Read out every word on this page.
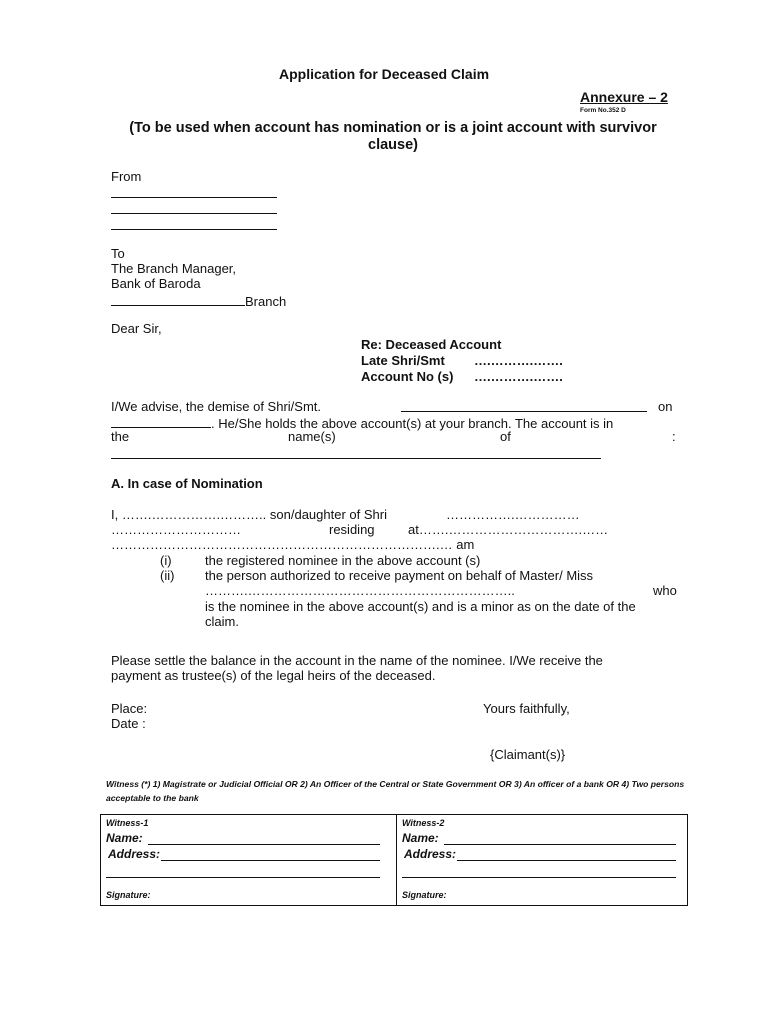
Application for Deceased Claim

Annexure – 2

Form No.352 D

(To be used when account has nomination or is a joint account with survivor clause)

From

To

The Branch Manager,

Bank of Baroda

Branch

Dear Sir,

Re: Deceased Account

Late Shri/Smt ….……….…….

Account No (s) ….……….…….

I/We advise, the demise of Shri/Smt.	on

. He/She holds the above account(s) at your branch. The account is in

the	name(s)	of	:

A. In case of Nomination

I, …….…………….……….. son/daughter of Shri	…………….……………

…………………………	residing	at…….………………………….……

………………………………………………………………….… am

(i)	the registered nominee in the above account (s)

(ii) the person authorized to receive payment on behalf of Master/ Miss

……….……………………………………………………..	who

is the nominee in the above account(s) and is a minor as on the date of the

claim.

Please settle the balance in the account in the name of the nominee. I/We receive the

payment as trustee(s) of the legal heirs of the deceased.

Place:

Date :

Yours faithfully,

{Claimant(s)}

Witness (*) 1) Magistrate or Judicial Official OR 2) An Officer of the Central or State Government OR 3) An officer of a bank OR 4) Two persons acceptable to the bank

Witness-1
Name:
Address:
Signature:
Witness-2
Name:
Address:
Signature:
